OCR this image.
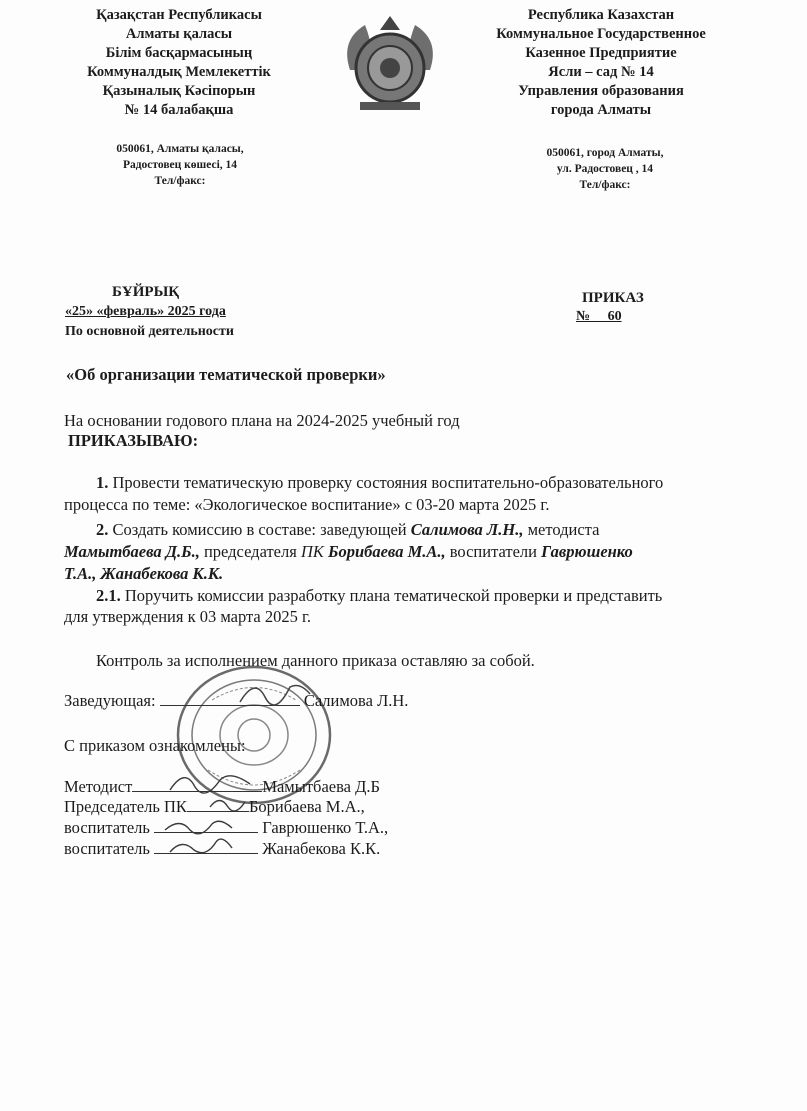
Қазақстан Республикасы
Алматы қаласы
Білім басқармасының
Коммуналдық Мемлекеттік
Қазыналық Кәсіпорын
№ 14 балабақша
050061, Алматы қаласы,
Радостовец көшесі, 14
Тел/факс:
Республика Казахстан
Коммунальное Государственное
Казенное Предприятие
Ясли – сад № 14
Управления образования
города Алматы
050061, город Алматы,
ул. Радостовец , 14
Тел/факс:
БҰЙРЫҚ
«25» «февраль» 2025 года
По основной деятельности
ПРИКАЗ
№     60
«Об организации тематической проверки»
На основании годового плана на 2024-2025 учебный год
ПРИКАЗЫВАЮ:
1. Провести тематическую проверку состояния воспитательно-образовательного
процесса по теме: «Экологическое воспитание» с 03-20 марта 2025 г.
2. Создать комиссию в составе: заведующей Салимова Л.Н., методиста
Мамытбаева Д.Б., председателя ПК Борибаева М.А., воспитатели Гаврюшенко
Т.А., Жанабекова К.К.
2.1. Поручить комиссии разработку плана тематической проверки и представить
для утверждения к 03 марта 2025 г.
Контроль за исполнением данного приказа оставляю за собой.
Заведующая:	Салимова Л.Н.
С приказом ознакомлены:
Методист	Мамытбаева Д.Б
Председатель ПК	Борибаева М.А.,
воспитатель	Гаврюшенко Т.А.,
воспитатель	Жанабекова К.К.
